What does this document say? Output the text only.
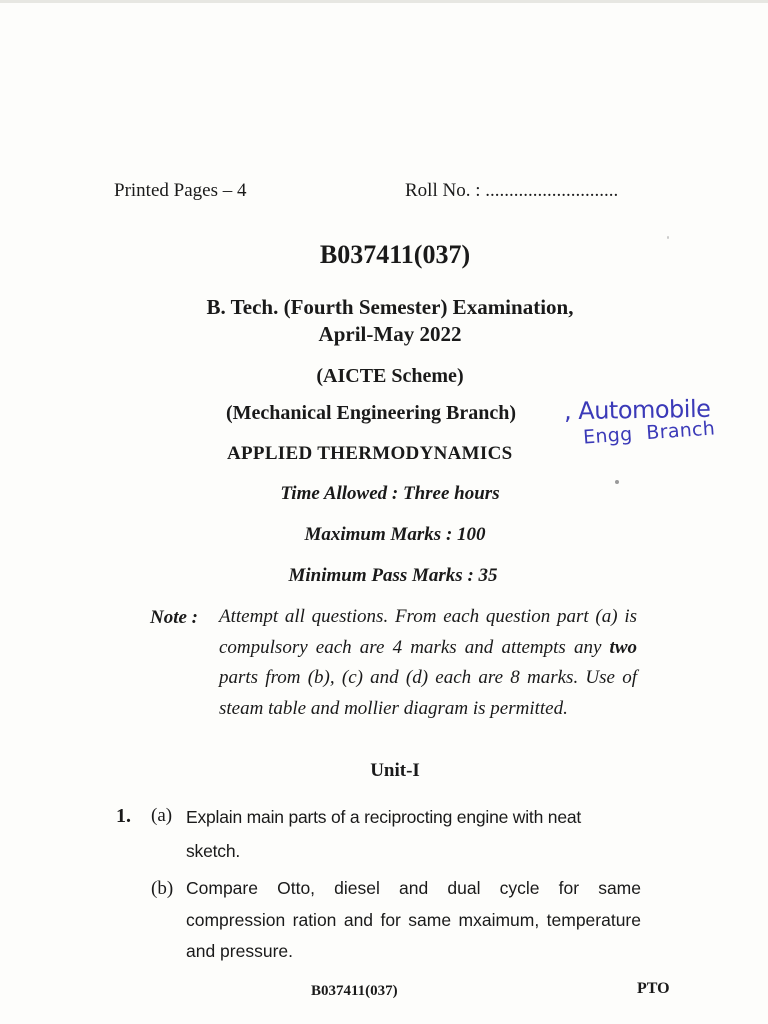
Printed Pages – 4	Roll No. : ............................
B037411(037)
B. Tech. (Fourth Semester) Examination,
April-May 2022
(AICTE Scheme)
(Mechanical Engineering Branch)
APPLIED THERMODYNAMICS
Time Allowed : Three hours
Maximum Marks : 100
Minimum Pass Marks : 35
Note : Attempt all questions. From each question part (a) is compulsory each are 4 marks and attempts any two parts from (b), (c) and (d) each are 8 marks. Use of steam table and mollier diagram is permitted.
Unit-I
1. (a) Explain main parts of a reciprocting engine with neat sketch.
(b) Compare Otto, diesel and dual cycle for same compression ration and for same mxaimum, temperature and pressure.
, Automobile
Engg Branch
B037411(037)	PTO
